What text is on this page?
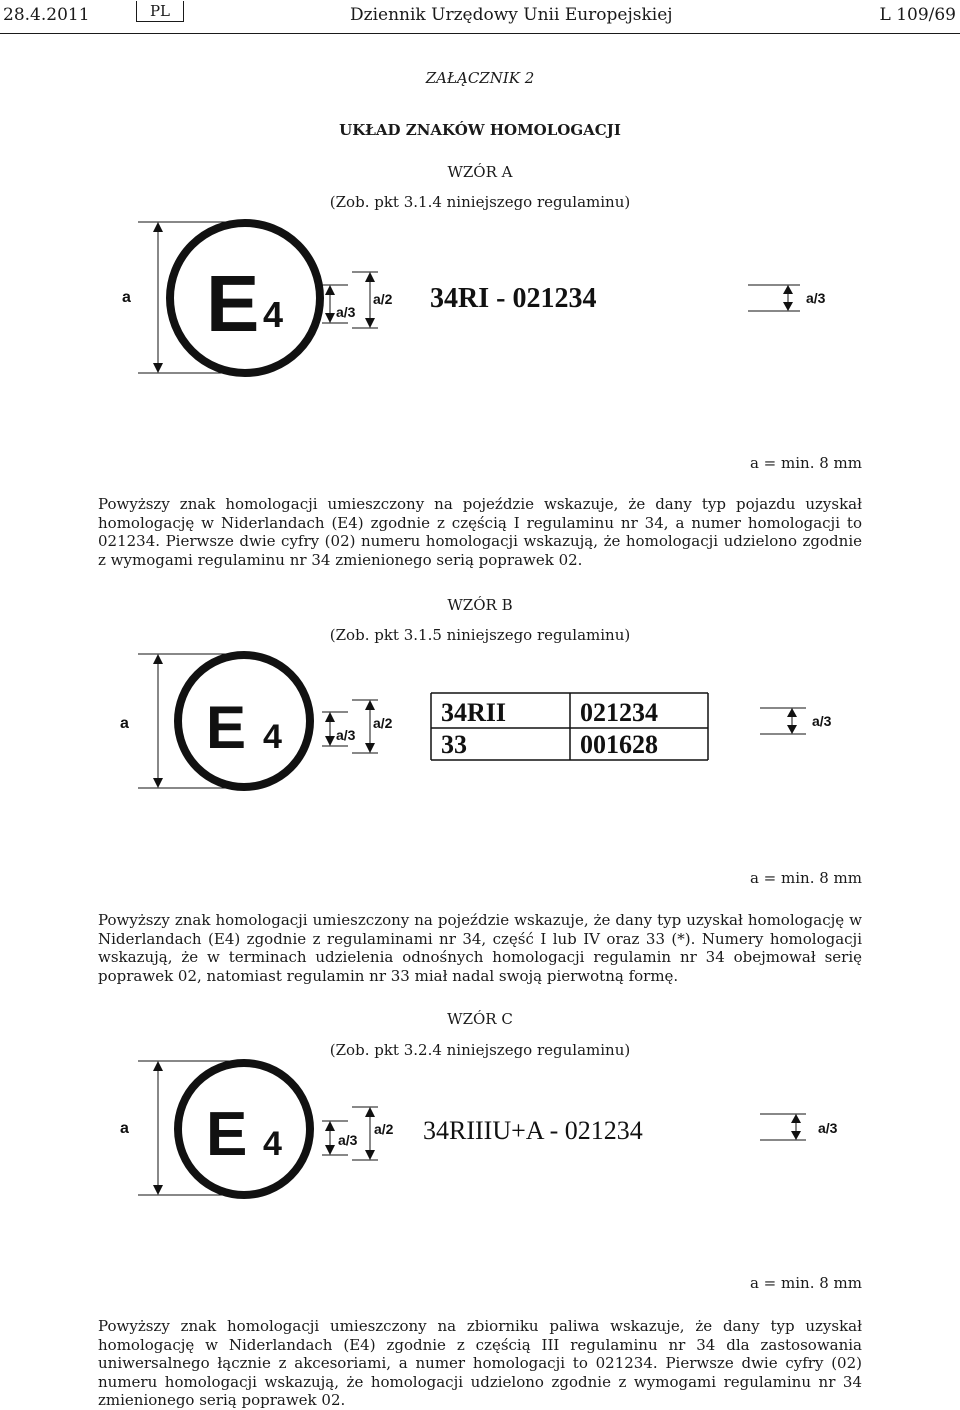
28.4.2011	PL	Dziennik Urzędowy Unii Europejskiej	L 109/69
ZAŁĄCZNIK 2
UKŁAD ZNAKÓW HOMOLOGACJI
WZÓR A
(Zob. pkt 3.1.4 niniejszego regulaminu)
a E 4	a/3
a/2 34RI - 021234	a/3
a = min. 8 mm
Powyższy znak homologacji umieszczony na pojeździe wskazuje, że dany typ pojazdu uzyskał homologację w Niderlandach (E4) zgodnie z częścią I regulaminu nr 34, a numer homologacji to 021234. Pierwsze dwie cyfry (02) numeru homologacji wskazują, że homologacji udzielono zgodnie z wymogami regulaminu nr 34 zmienionego serią poprawek 02.
WZÓR B
(Zob. pkt 3.1.5 niniejszego regulaminu)
a E 4	a/3
a/2 34RII	021234
33	001628
a/3
a = min. 8 mm
Powyższy znak homologacji umieszczony na pojeździe wskazuje, że dany typ uzyskał homologację w Niderlandach (E4) zgodnie z regulaminami nr 34, część I lub IV oraz 33 (*). Numery homologacji wskazują, że w terminach udzielenia odnośnych homologacji regulamin nr 34 obejmował serię poprawek 02, natomiast regulamin nr 33 miał nadal swoją pierwotną formę.
WZÓR C
(Zob. pkt 3.2.4 niniejszego regulaminu)
a E 4	a/3
a/2 34RIIIU+A - 021234	a/3
a = min. 8 mm
Powyższy znak homologacji umieszczony na zbiorniku paliwa wskazuje, że dany typ uzyskał homologację w Niderlandach (E4) zgodnie z częścią III regulaminu nr 34 dla zastosowania uniwersalnego łącznie z akcesoriami, a numer homologacji to 021234. Pierwsze dwie cyfry (02) numeru homologacji wskazują, że homologacji udzielono zgodnie z wymogami regulaminu nr 34 zmienionego serią poprawek 02.
